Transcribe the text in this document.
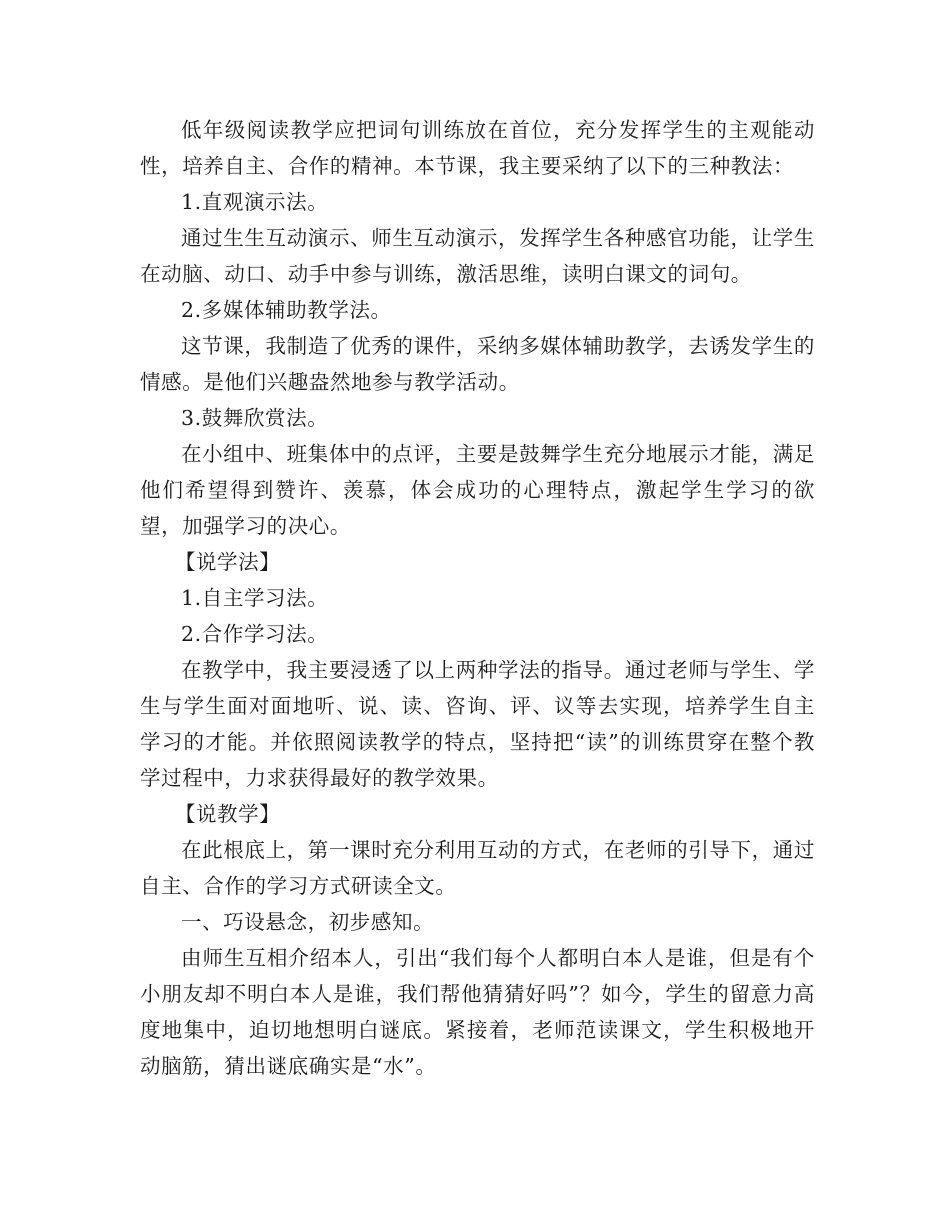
低年级阅读教学应把词句训练放在首位，充分发挥学生的主观能动性，培养自主、合作的精神。本节课，我主要采纳了以下的三种教法：

1.直观演示法。

通过生生互动演示、师生互动演示，发挥学生各种感官功能，让学生在动脑、动口、动手中参与训练，激活思维，读明白课文的词句。

2.多媒体辅助教学法。

这节课，我制造了优秀的课件，采纳多媒体辅助教学，去诱发学生的情感。是他们兴趣盎然地参与教学活动。

3.鼓舞欣赏法。

在小组中、班集体中的点评，主要是鼓舞学生充分地展示才能，满足他们希望得到赞许、羡慕，体会成功的心理特点，激起学生学习的欲望，加强学习的决心。

【说学法】

1.自主学习法。

2.合作学习法。

在教学中，我主要浸透了以上两种学法的指导。通过老师与学生、学生与学生面对面地听、说、读、咨询、评、议等去实现，培养学生自主学习的才能。并依照阅读教学的特点，坚持把“读”的训练贯穿在整个教学过程中，力求获得最好的教学效果。

【说教学】

在此根底上，第一课时充分利用互动的方式，在老师的引导下，通过自主、合作的学习方式研读全文。

一、巧设悬念，初步感知。

由师生互相介绍本人，引出“我们每个人都明白本人是谁，但是有个小朋友却不明白本人是谁，我们帮他猜猜好吗”？如今，学生的留意力高度地集中，迫切地想明白谜底。紧接着，老师范读课文，学生积极地开动脑筋，猜出谜底确实是“水”。
